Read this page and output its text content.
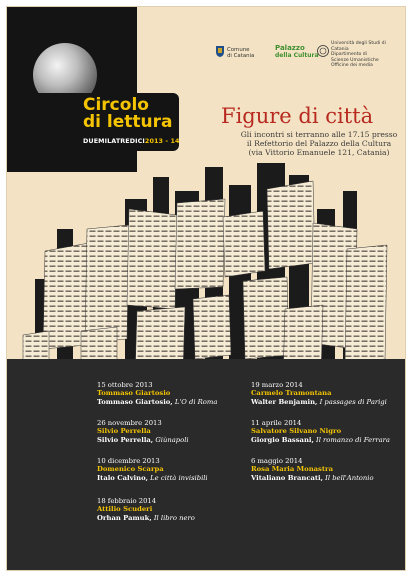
Circolo
di lettura
DUEMILATREDICI2013 - 14
Comune
di Catania
Palazzo
della Cultura
Università degli Studi di Catania
Dipartimento di
Scienze Umanistiche
Officine dei media
Figure di città
Gli incontri si terranno alle 17.15 presso
il Refettorio del Palazzo della Cultura
(via Vittorio Emanuele 121, Catania)
15 ottobre 2013
Tommaso Giartosio
Tommaso Giartosio, L'O di Roma
26 novembre 2013
Silvio Perrella
Silvio Perrella, Giùnapoli
10 dicembre 2013
Domenico Scarpa
Italo Calvino, Le città invisibili
18 febbraio 2014
Attilio Scuderi
Orhan Pamuk, Il libro nero
19 marzo 2014
Carmelo Tramontana
Walter Benjamin, I passages di Parigi
11 aprile 2014
Salvatore Silvano Nigro
Giorgio Bassani, Il romanzo di Ferrara
6 maggio 2014
Rosa Maria Monastra
Vitaliano Brancati, Il bell'Antonio
